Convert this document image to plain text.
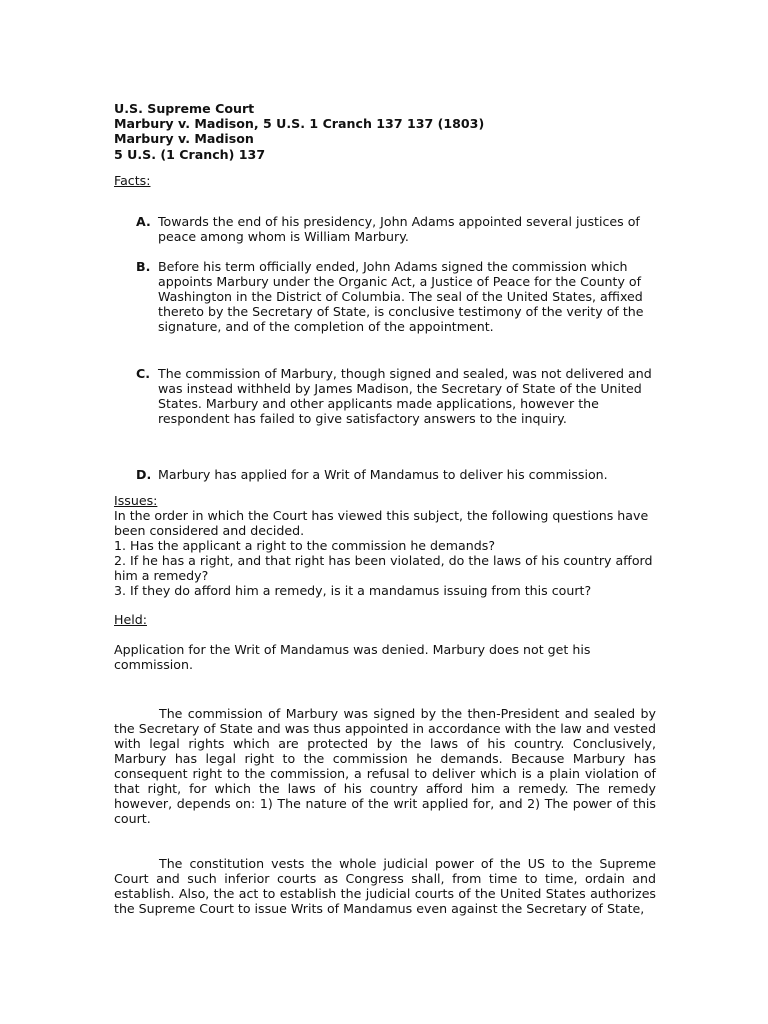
U.S. Supreme Court
Marbury v. Madison, 5 U.S. 1 Cranch 137 137 (1803)
Marbury v. Madison
5 U.S. (1 Cranch) 137
Facts:
A. Towards the end of his presidency, John Adams appointed several justices of peace among whom is William Marbury.
B. Before his term officially ended, John Adams signed the commission which appoints Marbury under the Organic Act, a Justice of Peace for the County of Washington in the District of Columbia. The seal of the United States, affixed thereto by the Secretary of State, is conclusive testimony of the verity of the signature, and of the completion of the appointment.
C. The commission of Marbury, though signed and sealed, was not delivered and was instead withheld by James Madison, the Secretary of State of the United States. Marbury and other applicants made applications, however the respondent has failed to give satisfactory answers to the inquiry.
D. Marbury has applied for a Writ of Mandamus to deliver his commission.
Issues:
In the order in which the Court has viewed this subject, the following questions have been considered and decided.
1. Has the applicant a right to the commission he demands?
2. If he has a right, and that right has been violated, do the laws of his country afford him a remedy?
3. If they do afford him a remedy, is it a mandamus issuing from this court?
Held:
Application for the Writ of Mandamus was denied. Marbury does not get his commission.

The commission of Marbury was signed by the then-President and sealed by the Secretary of State and was thus appointed in accordance with the law and vested with legal rights which are protected by the laws of his country. Conclusively, Marbury has legal right to the commission he demands. Because Marbury has consequent right to the commission, a refusal to deliver which is a plain violation of that right, for which the laws of his country afford him a remedy. The remedy however, depends on: 1) The nature of the writ applied for, and 2) The power of this court.

The constitution vests the whole judicial power of the US to the Supreme Court and such inferior courts as Congress shall, from time to time, ordain and establish. Also, the act to establish the judicial courts of the United States authorizes the Supreme Court to issue Writs of Mandamus even against the Secretary of State,
